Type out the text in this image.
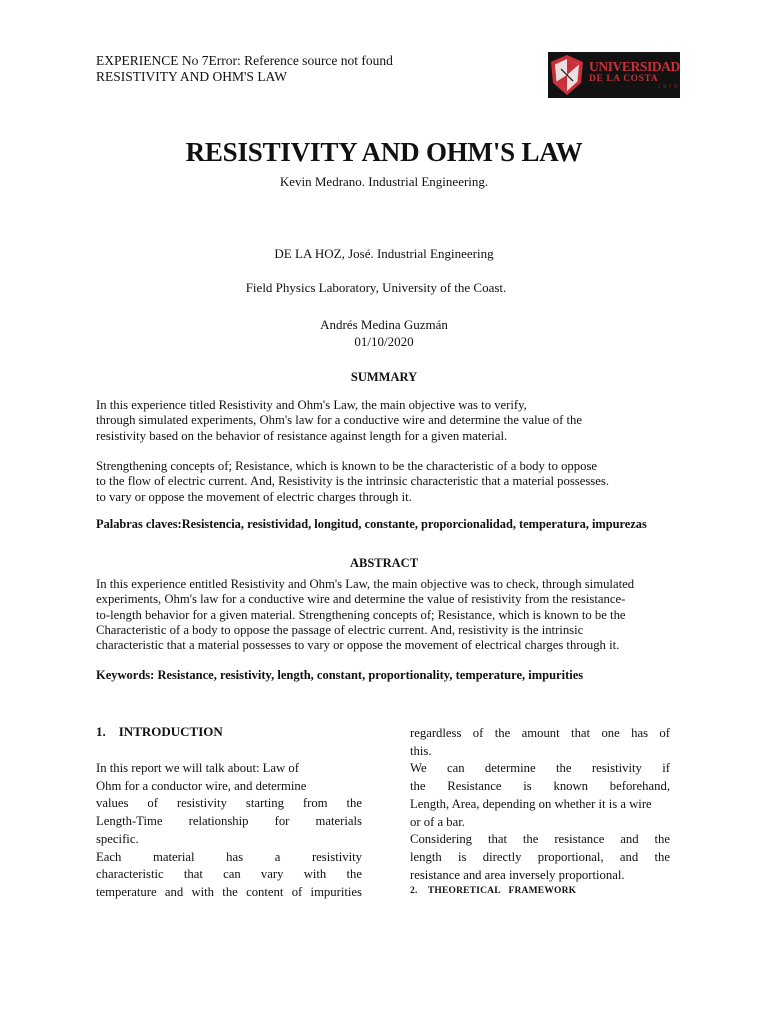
EXPERIENCE No 7Error: Reference source not found
RESISTIVITY AND OHM'S LAW
UNIVERSIDAD
DE LA COSTA
1970
RESISTIVITY AND OHM'S LAW
Kevin Medrano. Industrial Engineering.
DE LA HOZ, José. Industrial Engineering
Field Physics Laboratory, University of the Coast.
Andrés Medina Guzmán
01/10/2020
SUMMARY
In this experience titled Resistivity and Ohm's Law, the main objective was to verify,
through simulated experiments, Ohm's law for a conductive wire and determine the value of the
resistivity based on the behavior of resistance against length for a given material.
Strengthening concepts of; Resistance, which is known to be the characteristic of a body to oppose
to the flow of electric current. And, Resistivity is the intrinsic characteristic that a material possesses.
to vary or oppose the movement of electric charges through it.
Palabras claves:Resistencia, resistividad, longitud, constante, proporcionalidad, temperatura, impurezas
ABSTRACT
In this experience entitled Resistivity and Ohm's Law, the main objective was to check, through simulated
experiments, Ohm's law for a conductive wire and determine the value of resistivity from the resistance-
to-length behavior for a given material. Strengthening concepts of; Resistance, which is known to be the
Characteristic of a body to oppose the passage of electric current. And, resistivity is the intrinsic
characteristic that a material possesses to vary or oppose the movement of electrical charges through it.
Keywords: Resistance, resistivity, length, constant, proportionality, temperature, impurities
1.    INTRODUCTION
In this report we will talk about: Law of
Ohm for a conductor wire, and determine
values of resistivity starting from the
Length-Time relationship for materials
specific.
Each material has a resistivity
characteristic that can vary with the
temperature and with the content of impurities
regardless of the amount that one has of
this.
We can determine the resistivity if
the Resistance is known beforehand,
Length, Area, depending on whether it is a wire
or of a bar.
Considering that the resistance and the
length is directly proportional, and the
resistance and area inversely proportional.
2.    THEORETICAL   FRAMEWORK
